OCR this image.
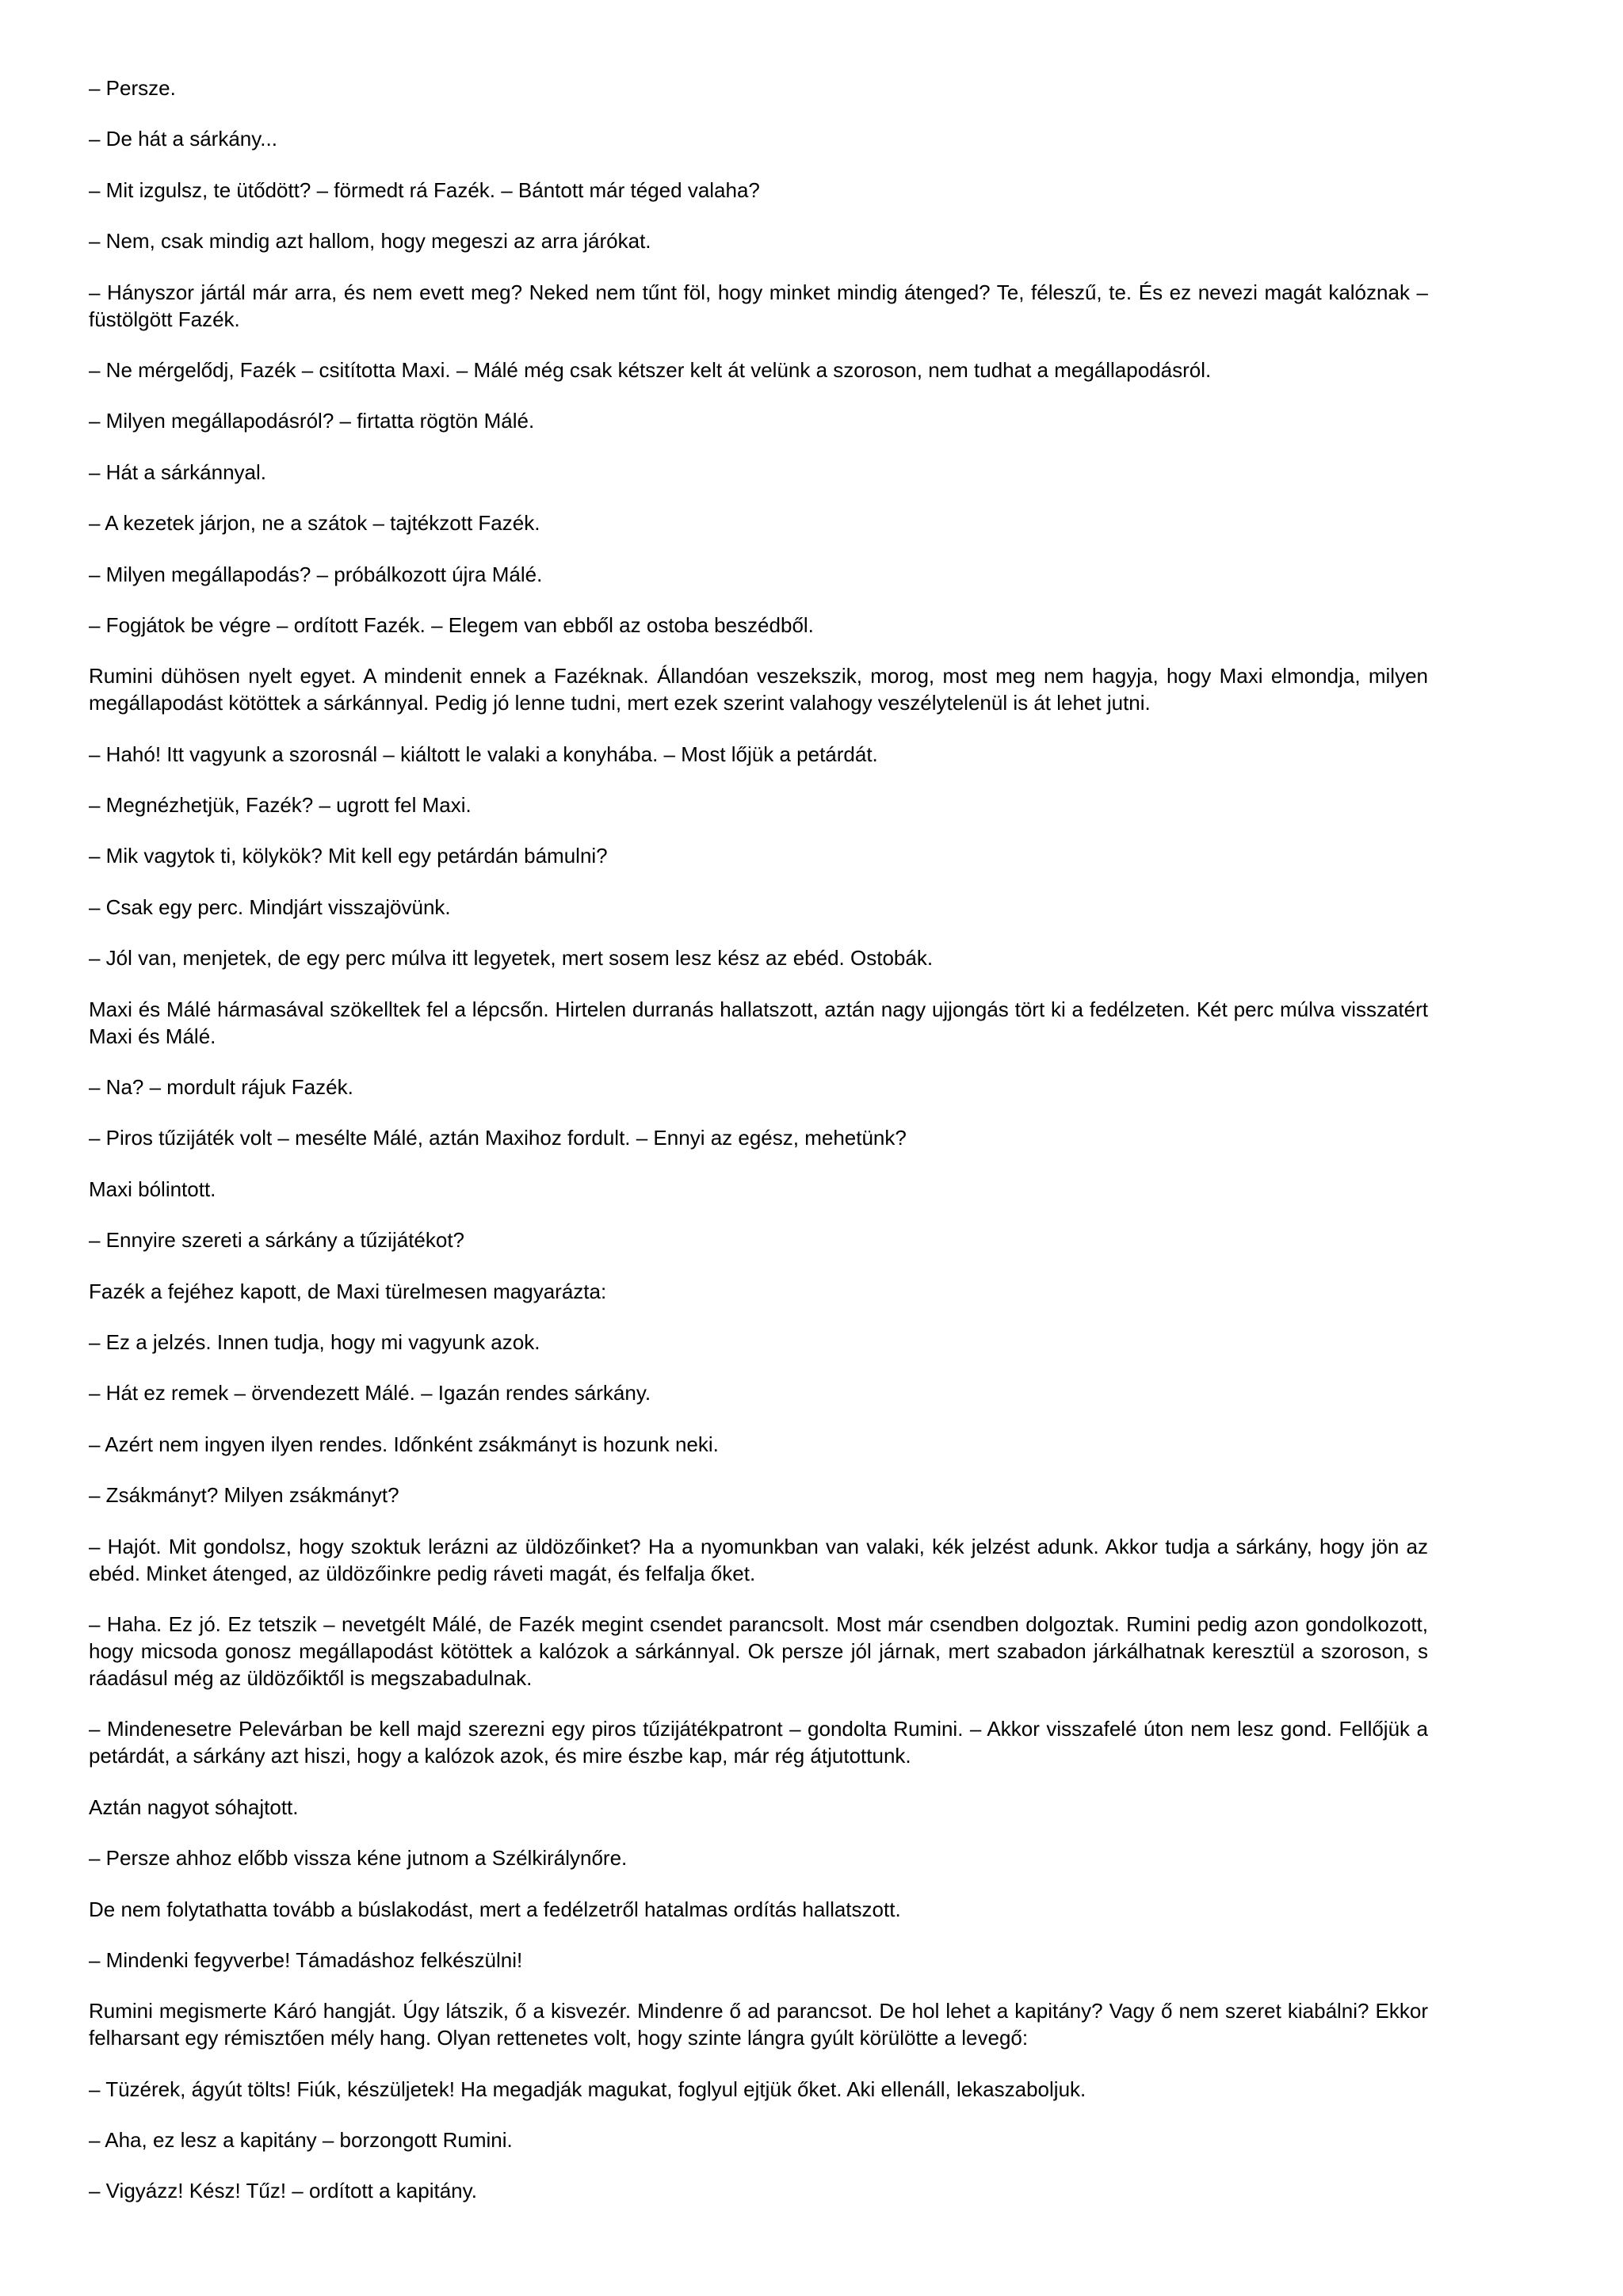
– Persze.

– De hát a sárkány...

– Mit izgulsz, te ütődött? – förmedt rá Fazék. – Bántott már téged valaha?

– Nem, csak mindig azt hallom, hogy megeszi az arra járókat.

– Hányszor jártál már arra, és nem evett meg? Neked nem tűnt föl, hogy minket mindig átenged? Te, féleszű, te. És ez nevezi magát kalóznak – füstölgött Fazék.

– Ne mérgelődj, Fazék – csitította Maxi. – Málé még csak kétszer kelt át velünk a szoroson, nem tudhat a megállapodásról.

– Milyen megállapodásról? – firtatta rögtön Málé.

– Hát a sárkánnyal.

– A kezetek járjon, ne a szátok – tajtékzott Fazék.

– Milyen megállapodás? – próbálkozott újra Málé.

– Fogjátok be végre – ordított Fazék. – Elegem van ebből az ostoba beszédből.

Rumini dühösen nyelt egyet. A mindenit ennek a Fazéknak. Állandóan veszekszik, morog, most meg nem hagyja, hogy Maxi elmondja, milyen megállapodást kötöttek a sárkánnyal. Pedig jó lenne tudni, mert ezek szerint valahogy veszélytelenül is át lehet jutni.

– Hahó! Itt vagyunk a szorosnál – kiáltott le valaki a konyhába. – Most lőjük a petárdát.

– Megnézhetjük, Fazék? – ugrott fel Maxi.

– Mik vagytok ti, kölykök? Mit kell egy petárdán bámulni?

– Csak egy perc. Mindjárt visszajövünk.

– Jól van, menjetek, de egy perc múlva itt legyetek, mert sosem lesz kész az ebéd. Ostobák.

Maxi és Málé hármasával szökelltek fel a lépcsőn. Hirtelen durranás hallatszott, aztán nagy ujjongás tört ki a fedélzeten. Két perc múlva visszatért Maxi és Málé.

– Na? – mordult rájuk Fazék.

– Piros tűzijáték volt – mesélte Málé, aztán Maxihoz fordult. – Ennyi az egész, mehetünk?

Maxi bólintott.

– Ennyire szereti a sárkány a tűzijátékot?

Fazék a fejéhez kapott, de Maxi türelmesen magyarázta:

– Ez a jelzés. Innen tudja, hogy mi vagyunk azok.

– Hát ez remek – örvendezett Málé. – Igazán rendes sárkány.

– Azért nem ingyen ilyen rendes. Időnként zsákmányt is hozunk neki.

– Zsákmányt? Milyen zsákmányt?

– Hajót. Mit gondolsz, hogy szoktuk lerázni az üldözőinket? Ha a nyomunkban van valaki, kék jelzést adunk. Akkor tudja a sárkány, hogy jön az ebéd. Minket átenged, az üldözőinkre pedig ráveti magát, és felfalja őket.

– Haha. Ez jó. Ez tetszik – nevetgélt Málé, de Fazék megint csendet parancsolt. Most már csendben dolgoztak. Rumini pedig azon gondolkozott, hogy micsoda gonosz megállapodást kötöttek a kalózok a sárkánnyal. Ok persze jól járnak, mert szabadon járkálhatnak keresztül a szoroson, s ráadásul még az üldözőiktől is megszabadulnak.

– Mindenesetre Pelevárban be kell majd szerezni egy piros tűzijátékpatront – gondolta Rumini. – Akkor visszafelé úton nem lesz gond. Fellőjük a petárdát, a sárkány azt hiszi, hogy a kalózok azok, és mire észbe kap, már rég átjutottunk.

Aztán nagyot sóhajtott.

– Persze ahhoz előbb vissza kéne jutnom a Szélkirálynőre.

De nem folytathatta tovább a búslakodást, mert a fedélzetről hatalmas ordítás hallatszott.

– Mindenki fegyverbe! Támadáshoz felkészülni!

Rumini megismerte Káró hangját. Úgy látszik, ő a kisvezér. Mindenre ő ad parancsot. De hol lehet a kapitány? Vagy ő nem szeret kiabálni? Ekkor felharsant egy rémisztően mély hang. Olyan rettenetes volt, hogy szinte lángra gyúlt körülötte a levegő:

– Tüzérek, ágyút tölts! Fiúk, készüljetek! Ha megadják magukat, foglyul ejtjük őket. Aki ellenáll, lekaszaboljuk.

– Aha, ez lesz a kapitány – borzongott Rumini.

– Vigyázz! Kész! Tűz! – ordított a kapitány.
